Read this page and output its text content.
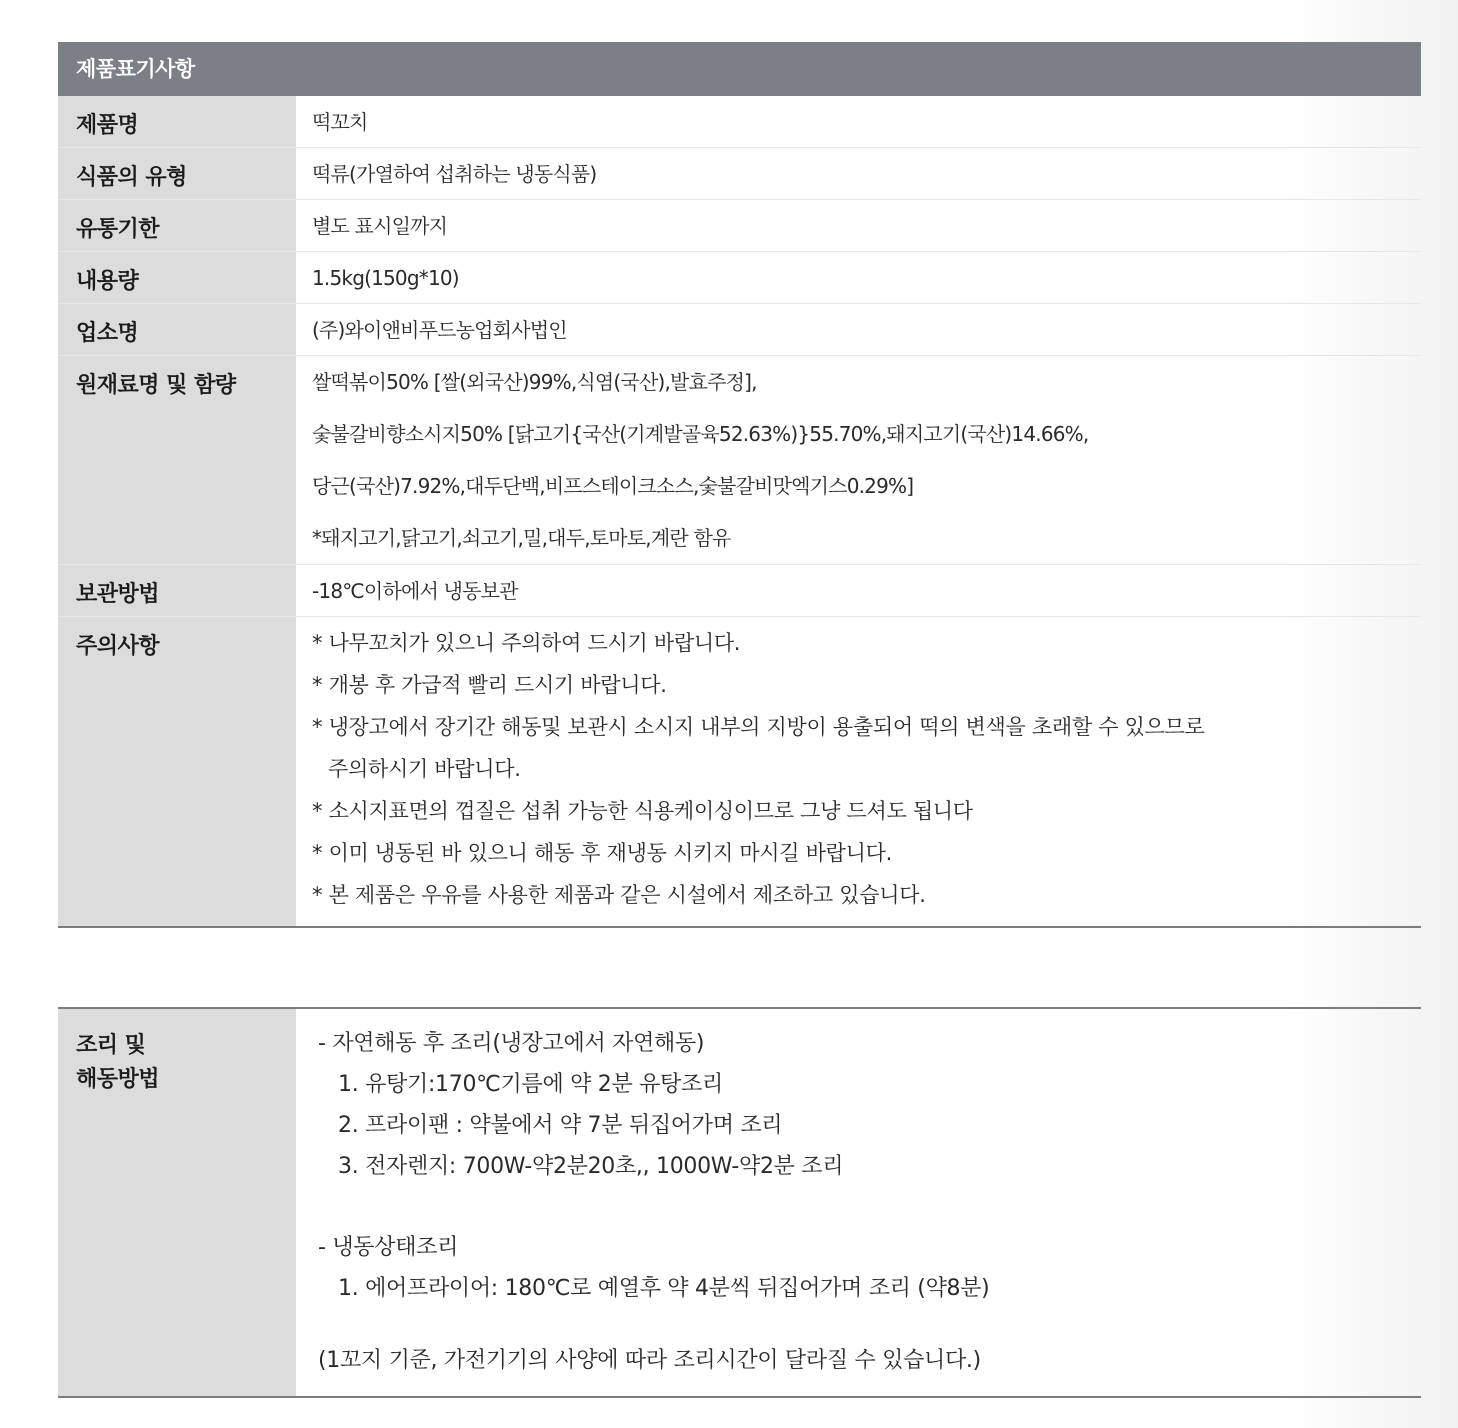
제품표기사항
제품명	떡꼬치
식품의 유형	떡류(가열하여 섭취하는 냉동식품)
유통기한	별도 표시일까지
내용량	1.5kg(150g*10)
업소명	(주)와이앤비푸드농업회사법인
원재료명 및 함량	쌀떡볶이50% [쌀(외국산)99%,식염(국산),발효주정],
숯불갈비향소시지50% [닭고기{국산(기계발골육52.63%)}55.70%,돼지고기(국산)14.66%,
당근(국산)7.92%,대두단백,비프스테이크소스,숯불갈비맛엑기스0.29%]
*돼지고기,닭고기,쇠고기,밀,대두,토마토,계란 함유
보관방법	-18℃이하에서 냉동보관
주의사항	* 나무꼬치가 있으니 주의하여 드시기 바랍니다.
* 개봉 후 가급적 빨리 드시기 바랍니다.
* 냉장고에서 장기간 해동및 보관시 소시지 내부의 지방이 용출되어 떡의 변색을 초래할 수 있으므로
주의하시기 바랍니다.
* 소시지표면의 껍질은 섭취 가능한 식용케이싱이므로 그냥 드셔도 됩니다
* 이미 냉동된 바 있으니 해동 후 재냉동 시키지 마시길 바랍니다.
* 본 제품은 우유를 사용한 제품과 같은 시설에서 제조하고 있습니다.
조리 및
해동방법
- 자연해동 후 조리(냉장고에서 자연해동)
1. 유탕기:170℃기름에 약 2분 유탕조리
2. 프라이팬 : 약불에서 약 7분 뒤집어가며 조리
3. 전자렌지: 700W-약2분20초,, 1000W-약2분 조리
- 냉동상태조리
1. 에어프라이어: 180℃로 예열후 약 4분씩 뒤집어가며 조리 (약8분)
(1꼬지 기준, 가전기기의 사양에 따라 조리시간이 달라질 수 있습니다.)
